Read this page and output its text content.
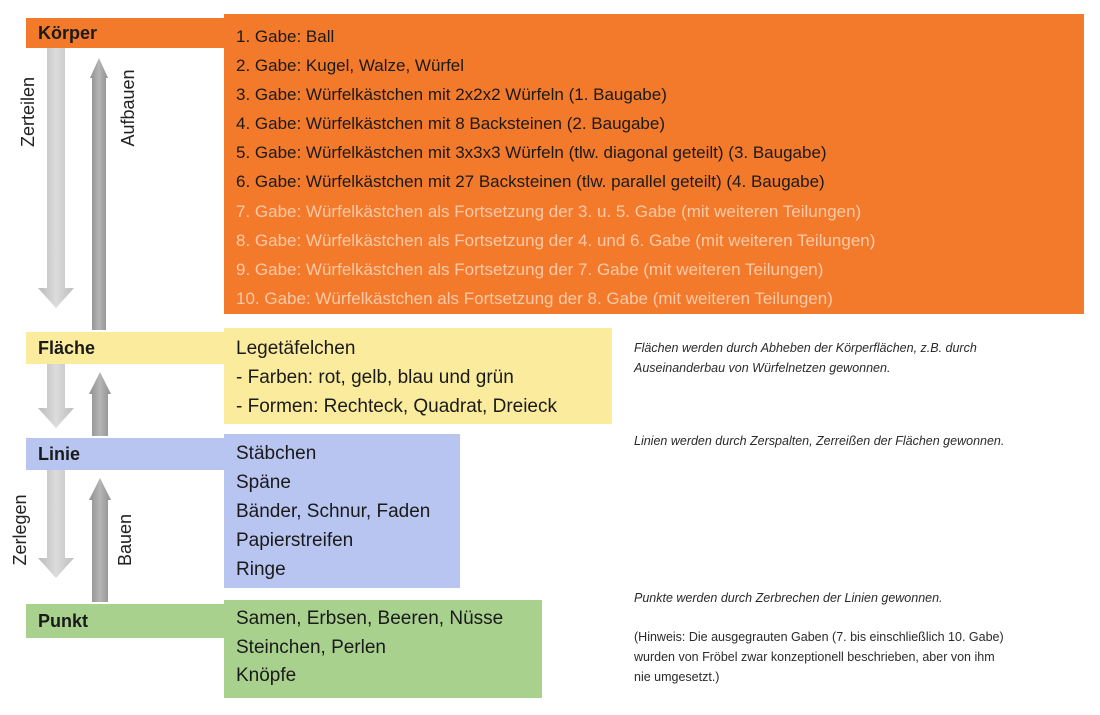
Zerteilen	Aufbauen
Zerlegen	Bauen
Körper	1. Gabe: Ball
2. Gabe: Kugel, Walze, Würfel
3. Gabe: Würfelkästchen mit 2x2x2 Würfeln (1. Baugabe)
4. Gabe: Würfelkästchen mit 8 Backsteinen (2. Baugabe)
5. Gabe: Würfelkästchen mit 3x3x3 Würfeln (tlw. diagonal geteilt) (3. Baugabe)
6. Gabe: Würfelkästchen mit 27 Backsteinen (tlw. parallel geteilt) (4. Baugabe)
7. Gabe: Würfelkästchen als Fortsetzung der 3. u. 5. Gabe (mit weiteren Teilungen)
8. Gabe: Würfelkästchen als Fortsetzung der 4. und 6. Gabe (mit weiteren Teilungen)
9. Gabe: Würfelkästchen als Fortsetzung der 7. Gabe (mit weiteren Teilungen)
10. Gabe: Würfelkästchen als Fortsetzung der 8. Gabe (mit weiteren Teilungen)
Fläche	Legetäfelchen
- Farben: rot, gelb, blau und grün
- Formen: Rechteck, Quadrat, Dreieck
Linie	Stäbchen
Späne
Bänder, Schnur, Faden
Papierstreifen
Ringe
Punkt	Samen, Erbsen, Beeren, Nüsse
Steinchen, Perlen
Knöpfe

Flächen werden durch Abheben der Körperflächen, z.B. durch Auseinanderbau von Würfelnetzen gewonnen.

Linien werden durch Zerspalten, Zerreißen der Flächen gewonnen.

Punkte werden durch Zerbrechen der Linien gewonnen.

(Hinweis: Die ausgegrauten Gaben (7. bis einschließlich 10. Gabe)
wurden von Fröbel zwar konzeptionell beschrieben, aber von ihm
nie umgesetzt.)
